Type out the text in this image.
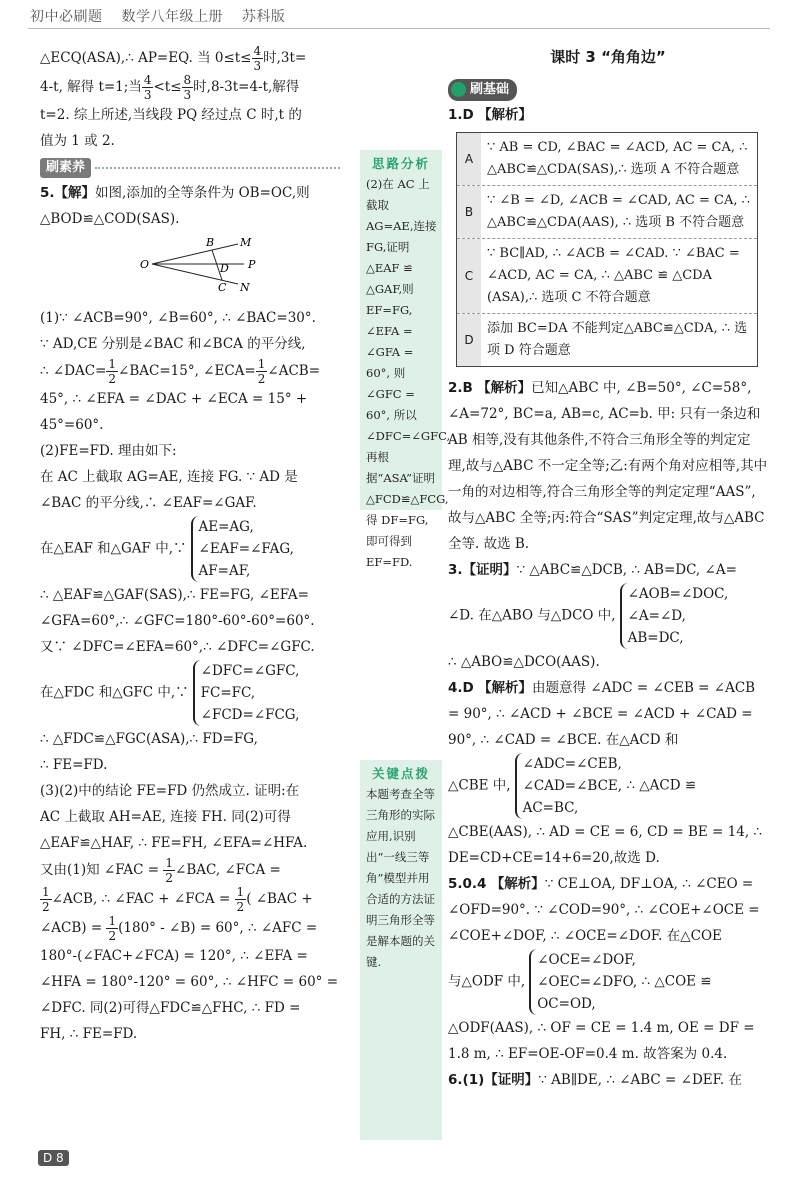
初中必刷题 数学八年级上册 苏科版

△ECQ(ASA),∴ AP=EQ. 当 $0\le t\le \frac{4}{3}$ 时,3t=

4-t, 解得 t=1;当 $\frac{4}{3} <t\le \frac{8}{3}$ 时,8-3t=4-t,解得

t=2. 综上所述,当线段 PQ 经过点 C 时,t 的

值为 1 或 2.

刷素养

5.【解】如图,添加的全等条件为 OB=OC,则

△BOD≌△COD(SAS).

O
B M
D P
C N

(1)∵ ∠ACB=90°, ∠B=60°, ∴ ∠BAC=30°.

∵ AD,CE 分别是∠BAC 和∠BCA 的平分线,

∴ ∠DAC= $\frac{1}{2}$ ∠BAC=15°, ∠ECA= $\frac{1}{2}$ ∠ACB=

45°, ∴ ∠EFA = ∠DAC + ∠ECA = 15° +

45°=60°.

(2)FE=FD. 理由如下:

在 AC 上截取 AG=AE, 连接 FG. ∵ AD 是

∠BAC 的平分线,∴ ∠EAF=∠GAF.

在△EAF 和△GAF 中,∵AE=AG,
∠EAF=∠FAG,
AF=AF,

∴ △EAF≌△GAF(SAS),∴ FE=FG, ∠EFA=

∠GFA=60°,∴ ∠GFC=180°-60°-60°=60°.

又∵ ∠DFC=∠EFA=60°,∴ ∠DFC=∠GFC.

在△FDC 和△GFC 中,∵∠DFC=∠GFC,
FC=FC,
∠FCD=∠FCG,

∴ △FDC≌△FGC(ASA),∴ FD=FG,

∴ FE=FD.

(3)(2)中的结论 FE=FD 仍然成立. 证明:在

AC 上截取 AH=AE, 连接 FH. 同(2)可得

△EAF≌△HAF, ∴ FE=FH, ∠EFA=∠HFA.

又由(1)知 ∠FAC = $\frac{1}{2}$ ∠BAC, ∠FCA =

$\frac{1}{2}$ ∠ACB, ∴ ∠FAC + ∠FCA = $\frac{1}{2}$ ( ∠BAC +

∠ACB) = $\frac{1}{2} (180^\circ$ - ∠B) = 60°, ∴ ∠AFC =

180°-(∠FAC+∠FCA) = 120°, ∴ ∠EFA =

∠HFA = 180°-120° = 60°, ∴ ∠HFC = 60° =

∠DFC. 同(2)可得△FDC≌△FHC, ∴ FD =

FH, ∴ FE=FD.

思路分析
(2)在 AC 上截取 AG=AE,连接 FG,证明△EAF ≌ △GAF,则 EF=FG, ∠EFA = ∠GFA = 60°, 则 ∠GFC = 60°, 所以∠DFC=∠GFC,再根据“ASA”证明△FCD≌△FCG, 得 DF=FG,即可得到 EF=FD.
关键点拨
本题考查全等三角形的实际应用,识别出“一线三等角”模型并用合适的方法证明三角形全等是解本题的关键.

课时 3 “角角边”

刷基础

1.D 【解析】

A
∵ AB = CD, ∠BAC = ∠ACD, AC = CA, ∴ △ABC≌△CDA(SAS),∴ 选项 A 不符合题意
B
∵ ∠B = ∠D, ∠ACB = ∠CAD, AC = CA, ∴ △ABC≌△CDA(AAS), ∴ 选项 B 不符合题意
C
∵ BC∥AD, ∴ ∠ACB = ∠CAD. ∵ ∠BAC = ∠ACD, AC = CA, ∴ △ABC ≌ △CDA (ASA),∴ 选项 C 不符合题意
D
添加 BC=DA 不能判定△ABC≌△CDA, ∴ 选项 D 符合题意

2.B 【解析】已知△ABC 中, ∠B=50°, ∠C=58°, ∠A=72°, BC=a, AB=c, AC=b. 甲: 只有一条边和 AB 相等,没有其他条件,不符合三角形全等的判定定理,故与△ABC 不一定全等;乙:有两个角对应相等,其中一角的对边相等,符合三角形全等的判定定理“AAS”,故与△ABC 全等;丙:符合“SAS”判定定理,故与△ABC 全等. 故选 B.

3.【证明】∵ △ABC≌△DCB, ∴ AB=DC, ∠A=

∠D. 在△ABO 与△DCO 中,∠AOB=∠DOC,
∠A=∠D,
AB=DC,

∴ △ABO≌△DCO(AAS).

4.D 【解析】由题意得 ∠ADC = ∠CEB = ∠ACB = 90°, ∴ ∠ACD + ∠BCE = ∠ACD + ∠CAD = 90°, ∴ ∠CAD = ∠BCE. 在△ACD 和

△CBE 中,∠ADC=∠CEB,
∠CAD=∠BCE,
AC=BC, ∴ △ACD ≌

△CBE(AAS), ∴ AD = CE = 6, CD = BE = 14, ∴ DE=CD+CE=14+6=20,故选 D.

5.0.4 【解析】∵ CE⊥OA, DF⊥OA, ∴ ∠CEO = ∠OFD=90°. ∵ ∠COD=90°, ∴ ∠COE+∠OCE = ∠COE+∠DOF, ∴ ∠OCE=∠DOF. 在△COE

与△ODF 中,∠OCE=∠DOF,
∠OEC=∠DFO,
OC=OD, ∴ △COE ≌

△ODF(AAS), ∴ OF = CE = 1.4 m, OE = DF = 1.8 m, ∴ EF=OE-OF=0.4 m. 故答案为 0.4.

6.(1)【证明】∵ AB∥DE, ∴ ∠ABC = ∠DEF. 在

D 8
